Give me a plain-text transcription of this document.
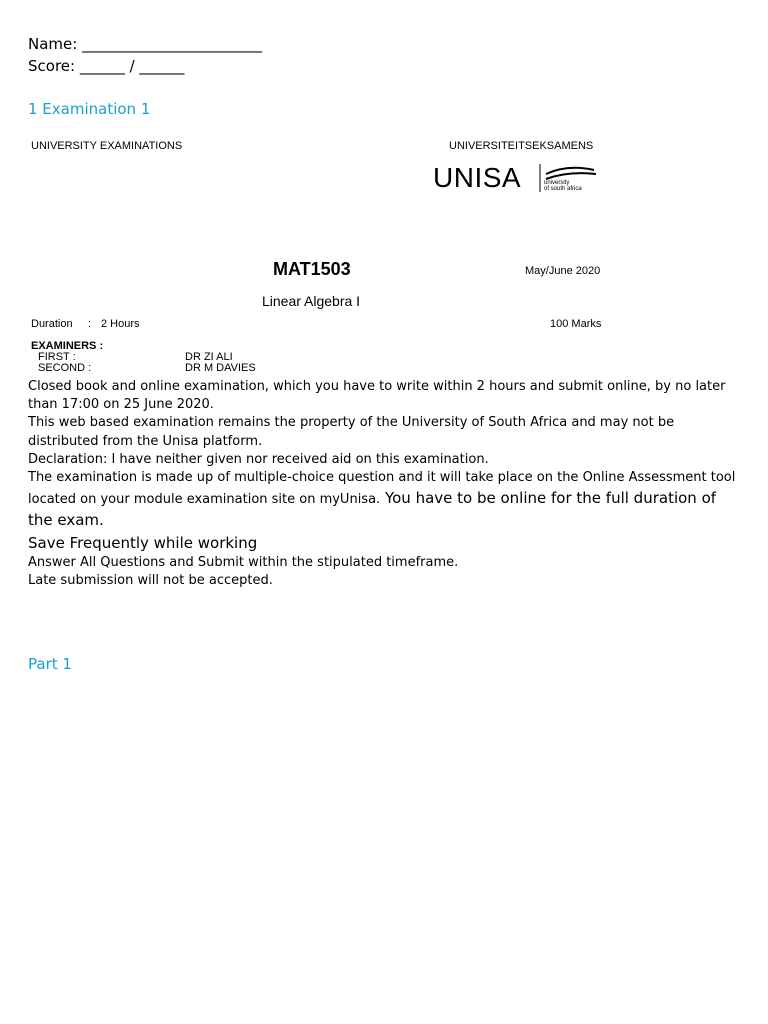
Name: ________________________
Score: ______ / ______
1 Examination 1
UNIVERSITY EXAMINATIONS	UNIVERSITEITSEKSAMENS
UNISA	university
of south africa
MAT1503	May/June 2020
Linear Algebra I
Duration : 2 Hours	100 Marks
EXAMINERS :
FIRST :	DR ZI ALI
SECOND :	DR M DAVIES

Closed book and online examination, which you have to write within 2 hours and submit online, by no later than 17:00 on 25 June 2020.

This web based examination remains the property of the University of South Africa and may not be distributed from the Unisa platform.

Declaration: I have neither given nor received aid on this examination.

The examination is made up of multiple-choice question and it will take place on the Online Assessment tool located on your module examination site on myUnisa. You have to be online for the full duration of the exam.

Save Frequently while working

Answer All Questions and Submit within the stipulated timeframe.

Late submission will not be accepted.

Part 1
